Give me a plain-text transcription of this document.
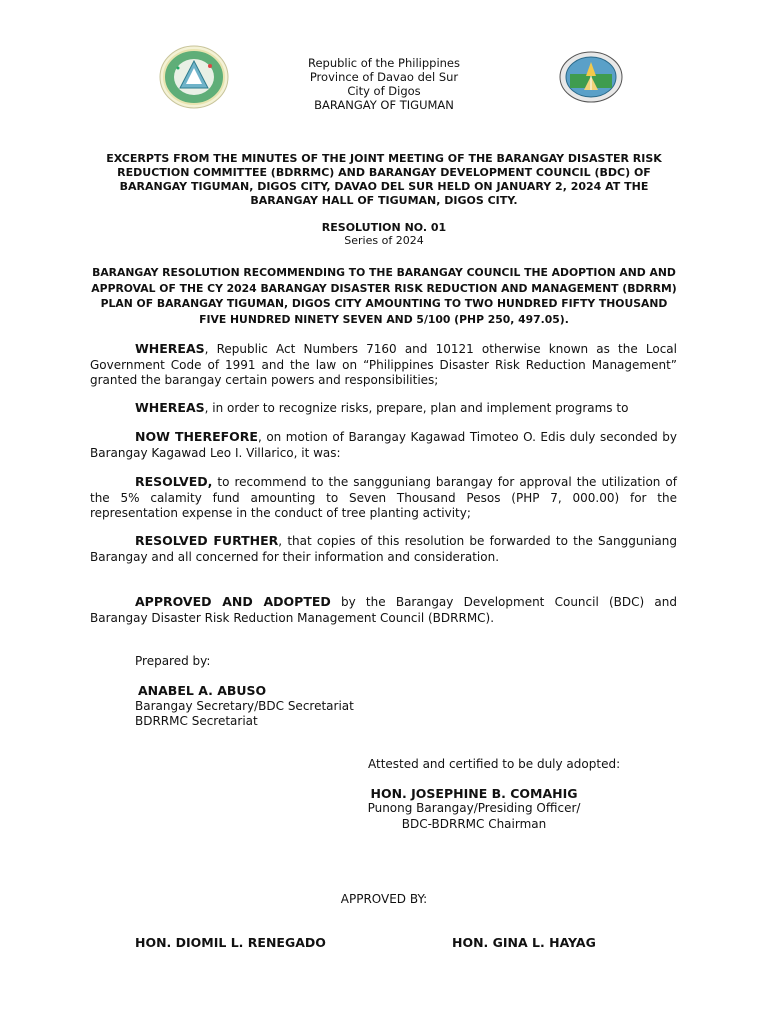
Republic of the Philippines
Province of Davao del Sur
City of Digos
BARANGAY OF TIGUMAN
EXCERPTS FROM THE MINUTES OF THE JOINT MEETING OF THE BARANGAY DISASTER RISK REDUCTION COMMITTEE (BDRRMC) AND BARANGAY DEVELOPMENT COUNCIL (BDC) OF BARANGAY TIGUMAN, DIGOS CITY, DAVAO DEL SUR HELD ON JANUARY 2, 2024 AT THE BARANGAY HALL OF TIGUMAN, DIGOS CITY.
RESOLUTION NO. 01
Series of 2024
BARANGAY RESOLUTION RECOMMENDING TO THE BARANGAY COUNCIL THE ADOPTION AND AND APPROVAL OF THE CY 2024 BARANGAY DISASTER RISK REDUCTION AND MANAGEMENT (BDRRM) PLAN OF BARANGAY TIGUMAN, DIGOS CITY AMOUNTING TO TWO HUNDRED FIFTY THOUSAND FIVE HUNDRED NINETY SEVEN AND 5/100 (PHP 250, 497.05).
WHEREAS, Republic Act Numbers 7160 and 10121 otherwise known as the Local Government Code of 1991 and the law on “Philippines Disaster Risk Reduction Management” granted the barangay certain powers and responsibilities;
WHEREAS, in order to recognize risks, prepare, plan and implement programs to
NOW THEREFORE, on motion of Barangay Kagawad Timoteo O. Edis duly seconded by Barangay Kagawad Leo I. Villarico, it was:
RESOLVED, to recommend to the sangguniang barangay for approval the utilization of the 5% calamity fund amounting to Seven Thousand Pesos (PHP 7, 000.00) for the representation expense in the conduct of tree planting activity;
RESOLVED FURTHER, that copies of this resolution be forwarded to the Sangguniang Barangay and all concerned for their information and consideration.
APPROVED AND ADOPTED by the Barangay Development Council (BDC) and Barangay Disaster Risk Reduction Management Council (BDRRMC).
Prepared by:
ANABEL A. ABUSO
Barangay Secretary/BDC Secretariat
BDRRMC Secretariat
Attested and certified to be duly adopted:
HON. JOSEPHINE B. COMAHIG
Punong Barangay/Presiding Officer/
BDC-BDRRMC Chairman
APPROVED BY:
HON. DIOMIL L. RENEGADO	HON. GINA L. HAYAG
